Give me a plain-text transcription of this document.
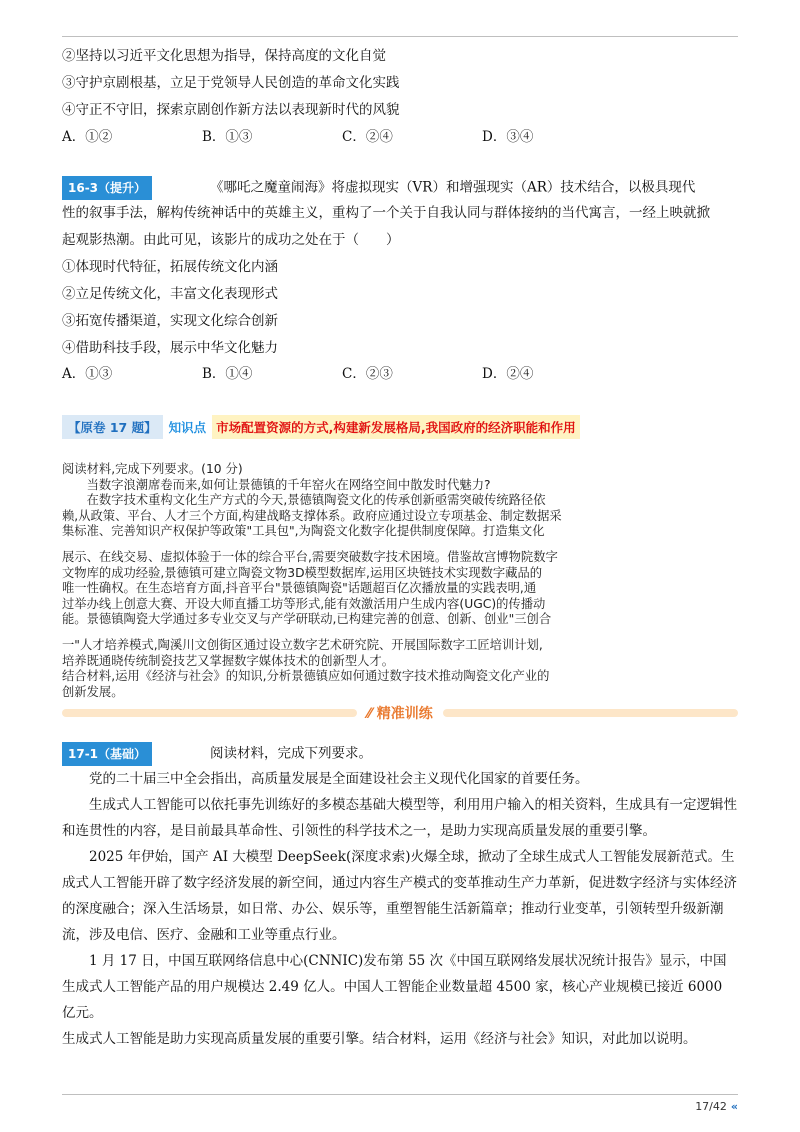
②坚持以习近平文化思想为指导，保持高度的文化自觉
③守护京剧根基，立足于党领导人民创造的革命文化实践
④守正不守旧，探索京剧创作新方法以表现新时代的风貌
A．①②	B．①③	C．②④	D．③④
16-3（提升）	《哪吒之魔童闹海》将虚拟现实（VR）和增强现实（AR）技术结合，以极具现代
性的叙事手法，解构传统神话中的英雄主义，重构了一个关于自我认同与群体接纳的当代寓言，一经上映就掀
起观影热潮。由此可见，该影片的成功之处在于（　　）
①体现时代特征，拓展传统文化内涵
②立足传统文化，丰富文化表现形式
③拓宽传播渠道，实现文化综合创新
④借助科技手段，展示中华文化魅力
A．①③	B．①④	C．②③	D．②④
【原卷 17 题】 知识点 市场配置资源的方式,构建新发展格局,我国政府的经济职能和作用

阅读材料,完成下列要求。(10 分)

　　当数字浪潮席卷而来,如何让景德镇的千年窑火在网络空间中散发时代魅力?

　　在数字技术重构文化生产方式的今天,景德镇陶瓷文化的传承创新亟需突破传统路径依

赖,从政策、平台、人才三个方面,构建战略支撑体系。政府应通过设立专项基金、制定数据采

集标准、完善知识产权保护等政策"工具包",为陶瓷文化数字化提供制度保障。打造集文化

展示、在线交易、虚拟体验于一体的综合平台,需要突破数字技术困境。借鉴故宫博物院数字

文物库的成功经验,景德镇可建立陶瓷文物3D模型数据库,运用区块链技术实现数字藏品的

唯一性确权。在生态培育方面,抖音平台"景德镇陶瓷"话题超百亿次播放量的实践表明,通

过举办线上创意大赛、开设大师直播工坊等形式,能有效激活用户生成内容(UGC)的传播动

能。景德镇陶瓷大学通过多专业交叉与产学研联动,已构建完善的创意、创新、创业"三创合

一"人才培养模式,陶溪川文创街区通过设立数字艺术研究院、开展国际数字工匠培训计划,

培养既通晓传统制瓷技艺又掌握数字媒体技术的创新型人才。

结合材料,运用《经济与社会》的知识,分析景德镇应如何通过数字技术推动陶瓷文化产业的

创新发展。

⁄⁄ 精准训练
17-1（基础）	阅读材料，完成下列要求。

党的二十届三中全会指出，高质量发展是全面建设社会主义现代化国家的首要任务。

生成式人工智能可以依托事先训练好的多模态基础大模型等，利用用户输入的相关资料，生成具有一定逻辑性和连贯性的内容，是目前最具革命性、引领性的科学技术之一，是助力实现高质量发展的重要引擎。

2025 年伊始，国产 AI 大模型 DeepSeek(深度求索)火爆全球，掀动了全球生成式人工智能发展新范式。生成式人工智能开辟了数字经济发展的新空间，通过内容生产模式的变革推动生产力革新，促进数字经济与实体经济的深度融合；深入生活场景，如日常、办公、娱乐等，重塑智能生活新篇章；推动行业变革，引领转型升级新潮流，涉及电信、医疗、金融和工业等重点行业。

1 月 17 日，中国互联网络信息中心(CNNIC)发布第 55 次《中国互联网络发展状况统计报告》显示，中国生成式人工智能产品的用户规模达 2.49 亿人。中国人工智能企业数量超 4500 家，核心产业规模已接近 6000 亿元。

生成式人工智能是助力实现高质量发展的重要引擎。结合材料，运用《经济与社会》知识，对此加以说明。

17/42 «
